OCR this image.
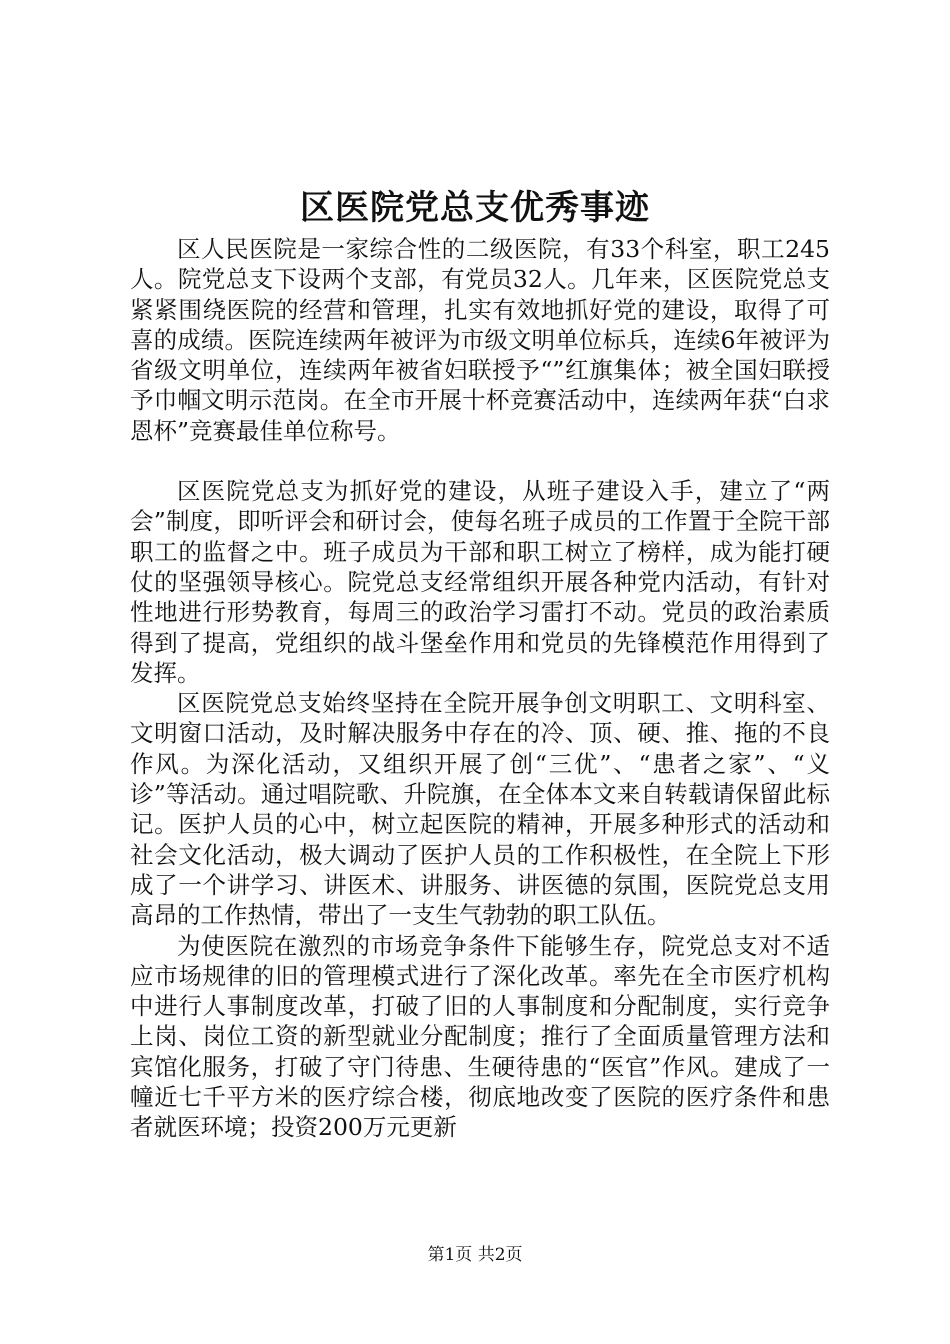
区医院党总支优秀事迹

区人民医院是一家综合性的二级医院，有33个科室，职工245人。院党总支下设两个支部，有党员32人。几年来，区医院党总支紧紧围绕医院的经营和管理，扎实有效地抓好党的建设，取得了可喜的成绩。医院连续两年被评为市级文明单位标兵，连续6年被评为省级文明单位，连续两年被省妇联授予“”红旗集体；被全国妇联授予巾帼文明示范岗。在全市开展十杯竞赛活动中，连续两年获“白求恩杯”竞赛最佳单位称号。

区医院党总支为抓好党的建设，从班子建设入手，建立了“两会”制度，即听评会和研讨会，使每名班子成员的工作置于全院干部职工的监督之中。班子成员为干部和职工树立了榜样，成为能打硬仗的坚强领导核心。院党总支经常组织开展各种党内活动，有针对性地进行形势教育，每周三的政治学习雷打不动。党员的政治素质得到了提高，党组织的战斗堡垒作用和党员的先锋模范作用得到了发挥。

区医院党总支始终坚持在全院开展争创文明职工、文明科室、文明窗口活动，及时解决服务中存在的冷、顶、硬、推、拖的不良作风。为深化活动，又组织开展了创“三优”、“患者之家”、“义诊”等活动。通过唱院歌、升院旗，在全体本文来自转载请保留此标记。医护人员的心中，树立起医院的精神，开展多种形式的活动和社会文化活动，极大调动了医护人员的工作积极性，在全院上下形成了一个讲学习、讲医术、讲服务、讲医德的氛围，医院党总支用高昂的工作热情，带出了一支生气勃勃的职工队伍。

为使医院在激烈的市场竞争条件下能够生存，院党总支对不适应市场规律的旧的管理模式进行了深化改革。率先在全市医疗机构中进行人事制度改革，打破了旧的人事制度和分配制度，实行竞争上岗、岗位工资的新型就业分配制度；推行了全面质量管理方法和宾馆化服务，打破了守门待患、生硬待患的“医官”作风。建成了一幢近七千平方米的医疗综合楼，彻底地改变了医院的医疗条件和患者就医环境；投资200万元更新

第1页 共2页
